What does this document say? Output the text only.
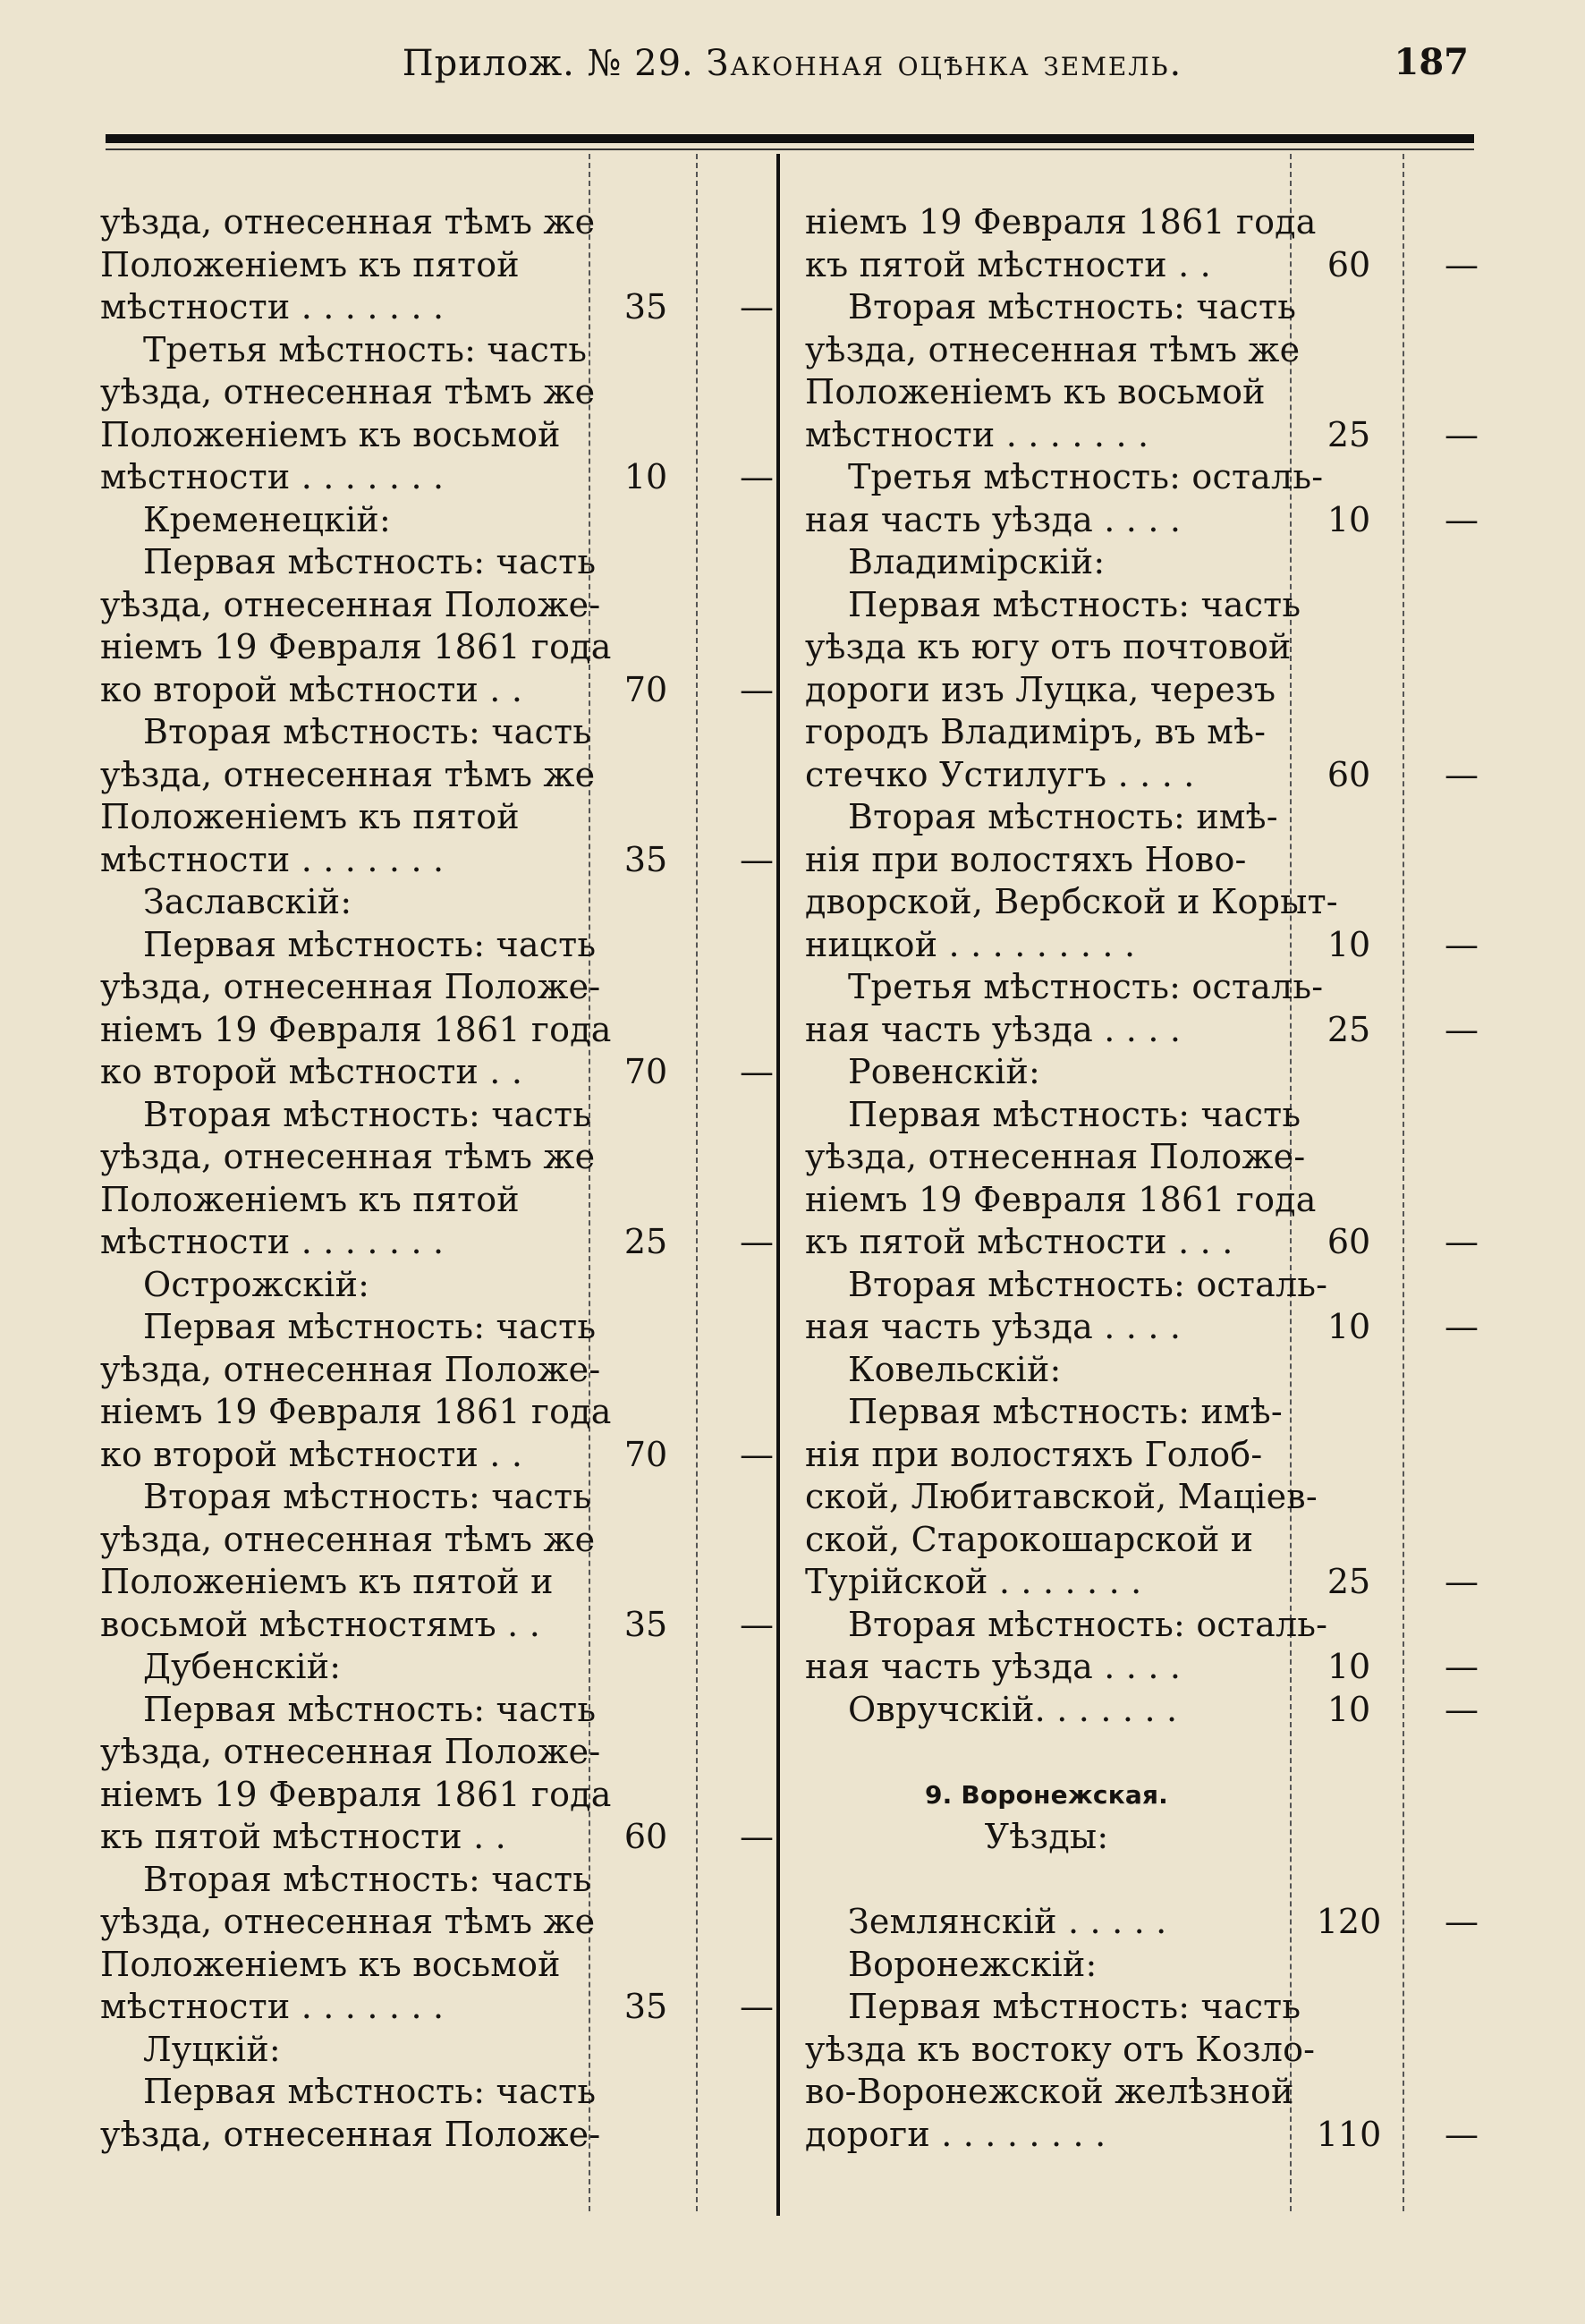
Прилож. № 29. Законная оцѣнка земель.	187
уѣзда, отнесенная тѣмъ же
Положеніемъ къ пятой
мѣстности . . . . . . .	35	—
Третья мѣстность: часть
уѣзда, отнесенная тѣмъ же
Положеніемъ къ восьмой
мѣстности . . . . . . .	10	—
Кременецкій:
Первая мѣстность: часть
уѣзда, отнесенная Положе-
ніемъ 19 Февраля 1861 года
ко второй мѣстности . .	70	—
Вторая мѣстность: часть
уѣзда, отнесенная тѣмъ же
Положеніемъ къ пятой
мѣстности . . . . . . .	35	—
Заславскій:
Первая мѣстность: часть
уѣзда, отнесенная Положе-
ніемъ 19 Февраля 1861 года
ко второй мѣстности . .	70	—
Вторая мѣстность: часть
уѣзда, отнесенная тѣмъ же
Положеніемъ къ пятой
мѣстности . . . . . . .	25	—
Острожскій:
Первая мѣстность: часть
уѣзда, отнесенная Положе-
ніемъ 19 Февраля 1861 года
ко второй мѣстности . .	70	—
Вторая мѣстность: часть
уѣзда, отнесенная тѣмъ же
Положеніемъ къ пятой и
восьмой мѣстностямъ . .	35	—
Дубенскій:
Первая мѣстность: часть
уѣзда, отнесенная Положе-
ніемъ 19 Февраля 1861 года
къ пятой мѣстности . .	60	—
Вторая мѣстность: часть
уѣзда, отнесенная тѣмъ же
Положеніемъ къ восьмой
мѣстности . . . . . . .	35	—
Луцкій:
Первая мѣстность: часть
уѣзда, отнесенная Положе-
ніемъ 19 Февраля 1861 года
къ пятой мѣстности . .	60	—
Вторая мѣстность: часть
уѣзда, отнесенная тѣмъ же
Положеніемъ къ восьмой
мѣстности . . . . . . .	25	—
Третья мѣстность: осталь-
ная часть уѣзда . . . .	10	—
Владимірскій:
Первая мѣстность: часть
уѣзда къ югу отъ почтовой
дороги изъ Луцка, черезъ
городъ Владиміръ, въ мѣ-
стечко Устилугъ . . . .	60	—
Вторая мѣстность: имѣ-
нія при волостяхъ Ново-
дворской, Вербской и Корыт-
ницкой . . . . . . . . .	10	—
Третья мѣстность: осталь-
ная часть уѣзда . . . .	25	—
Ровенскій:
Первая мѣстность: часть
уѣзда, отнесенная Положе-
ніемъ 19 Февраля 1861 года
къ пятой мѣстности . . .	60	—
Вторая мѣстность: осталь-
ная часть уѣзда . . . .	10	—
Ковельскій:
Первая мѣстность: имѣ-
нія при волостяхъ Голоб-
ской, Любитавской, Маціев-
ской, Старокошарской и
Турійской . . . . . . .	25	—
Вторая мѣстность: осталь-
ная часть уѣзда . . . .	10	—
Овручскій. . . . . . .	10	—
9. Воронежская.
Уѣзды:
Землянскій . . . . .	120	—
Воронежскій:
Первая мѣстность: часть
уѣзда къ востоку отъ Козло-
во-Воронежской желѣзной
дороги . . . . . . . .	110	—
